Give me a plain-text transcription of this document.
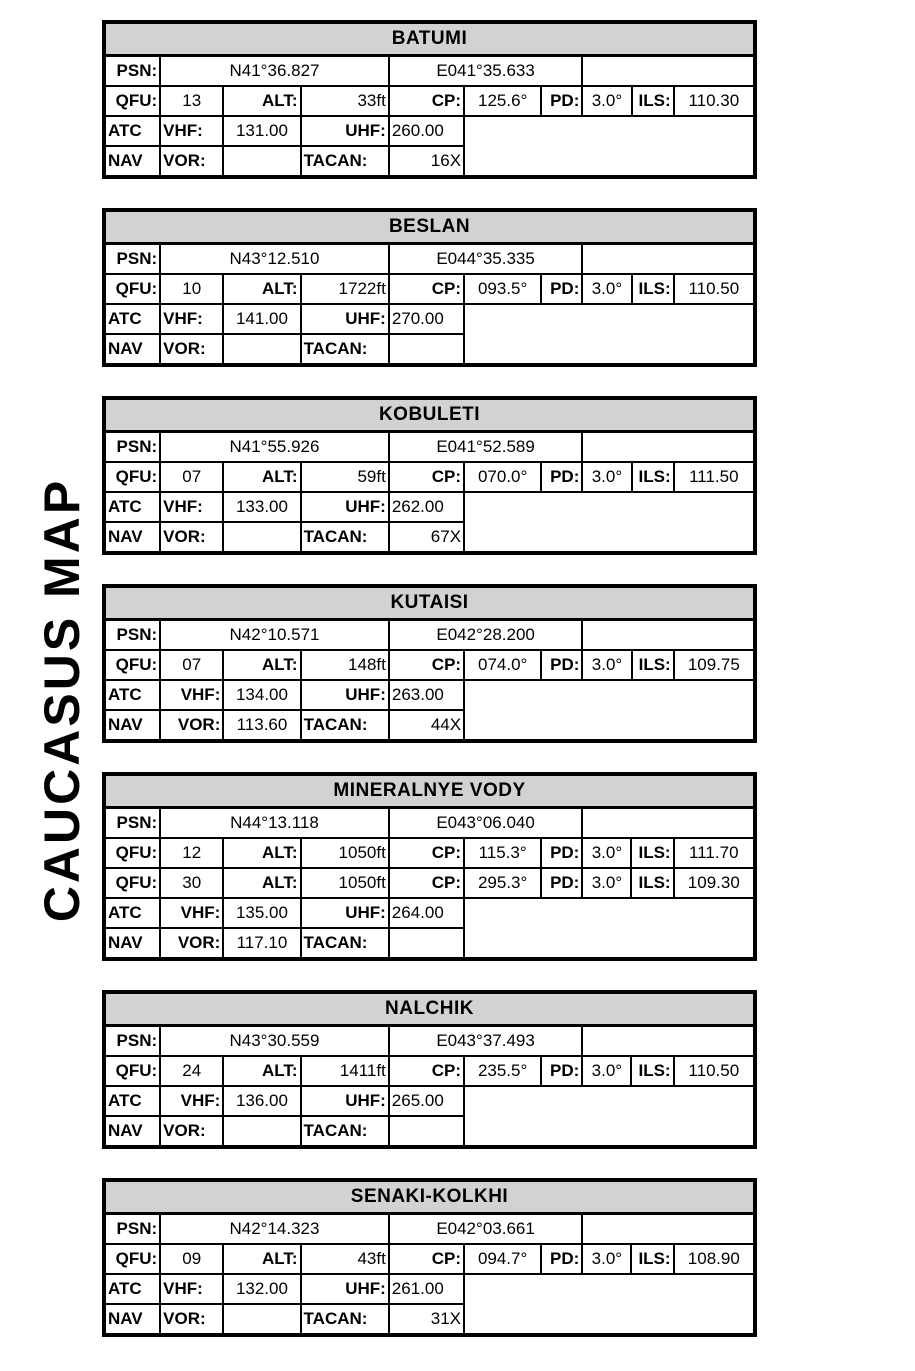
CAUCASUS MAP
BATUMI									
PSN:	N41°36.827			E041°35.633					
QFU:	13	ALT:	33ft	CP:	125.6°	PD:	3.0°	ILS:	110.30
ATC	VHF:	131.00	UHF:	260.00					
NAV	VOR:		TACAN:	16X					
BESLAN									
PSN:	N43°12.510			E044°35.335					
QFU:	10	ALT:	1722ft	CP:	093.5°	PD:	3.0°	ILS:	110.50
ATC	VHF:	141.00	UHF:	270.00					
NAV	VOR:		TACAN:						
KOBULETI									
PSN:	N41°55.926			E041°52.589					
QFU:	07	ALT:	59ft	CP:	070.0°	PD:	3.0°	ILS:	111.50
ATC	VHF:	133.00	UHF:	262.00					
NAV	VOR:		TACAN:	67X					
KUTAISI									
PSN:	N42°10.571			E042°28.200					
QFU:	07	ALT:	148ft	CP:	074.0°	PD:	3.0°	ILS:	109.75
ATC	VHF:	134.00	UHF:	263.00					
NAV	VOR:	113.60	TACAN:	44X					
MINERALNYE VODY									
PSN:	N44°13.118			E043°06.040					
QFU:	12	ALT:	1050ft	CP:	115.3°	PD:	3.0°	ILS:	111.70
QFU:	30	ALT:	1050ft	CP:	295.3°	PD:	3.0°	ILS:	109.30
ATC	VHF:	135.00	UHF:	264.00					
NAV	VOR:	117.10	TACAN:						
NALCHIK									
PSN:	N43°30.559			E043°37.493					
QFU:	24	ALT:	1411ft	CP:	235.5°	PD:	3.0°	ILS:	110.50
ATC	VHF:	136.00	UHF:	265.00					
NAV	VOR:		TACAN:						
SENAKI-KOLKHI									
PSN:	N42°14.323			E042°03.661					
QFU:	09	ALT:	43ft	CP:	094.7°	PD:	3.0°	ILS:	108.90
ATC	VHF:	132.00	UHF:	261.00					
NAV	VOR:		TACAN:	31X					
